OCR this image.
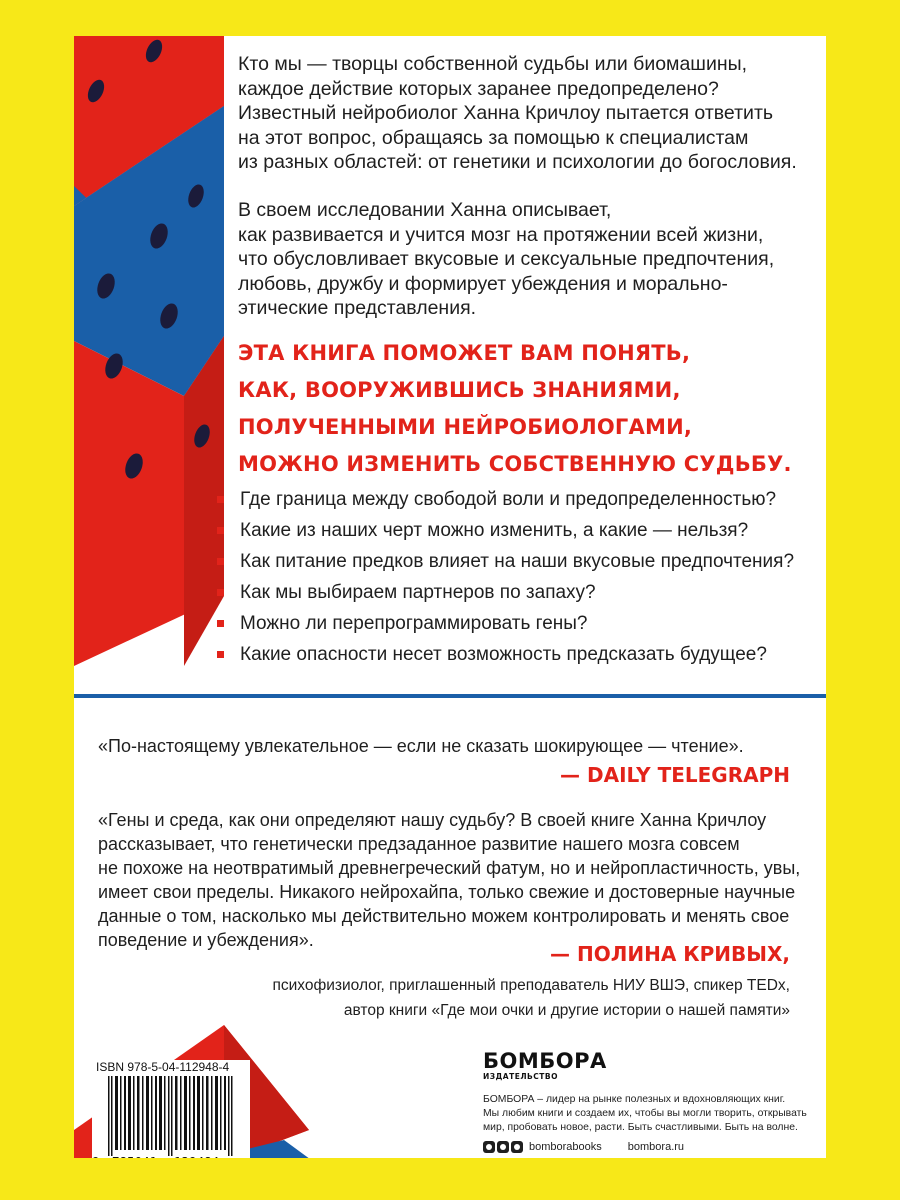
Кто мы — творцы собственной судьбы или биомашины,
каждое действие которых заранее предопределено?
Известный нейробиолог Ханна Кричлоу пытается ответить
на этот вопрос, обращаясь за помощью к специалистам
из разных областей: от генетики и психологии до богословия.
В своем исследовании Ханна описывает,
как развивается и учится мозг на протяжении всей жизни,
что обусловливает вкусовые и сексуальные предпочтения,
любовь, дружбу и формирует убеждения и морально-
этические представления.
ЭТА КНИГА ПОМОЖЕТ ВАМ ПОНЯТЬ,
КАК, ВООРУЖИВШИСЬ ЗНАНИЯМИ,
ПОЛУЧЕННЫМИ НЕЙРОБИОЛОГАМИ,
МОЖНО ИЗМЕНИТЬ СОБСТВЕННУЮ СУДЬБУ.
Где граница между свободой воли и предопределенностью?
Какие из наших черт можно изменить, а какие — нельзя?
Как питание предков влияет на наши вкусовые предпочтения?
Как мы выбираем партнеров по запаху?
Можно ли перепрограммировать гены?
Какие опасности несет возможность предсказать будущее?
«По-настоящему увлекательное — если не сказать шокирующее — чтение».
— DAILY TELEGRAPH
«Гены и среда, как они определяют нашу судьбу? В своей книге Ханна Кричлоу
рассказывает, что генетически предзаданное развитие нашего мозга совсем
не похоже на неотвратимый древнегреческий фатум, но и нейропластичность, увы,
имеет свои пределы. Никакого нейрохайпа, только свежие и достоверные научные
данные о том, насколько мы действительно можем контролировать и менять свое
поведение и убеждения».
— ПОЛИНА КРИВЫХ,
психофизиолог, приглашенный преподаватель НИУ ВШЭ, спикер TEDx,
автор книги «Где мои очки и другие истории о нашей памяти»
ISBN 978-5-04-112948-4
9 785041 129484 >
БОМБОРА
ИЗДАТЕЛЬСТВО
БОМБОРА – лидер на рынке полезных и вдохновляющих книг.
Мы любим книги и создаем их, чтобы вы могли творить, открывать
мир, пробовать новое, расти. Быть счастливыми. Быть на волне.
bomborabooks bombora.ru
